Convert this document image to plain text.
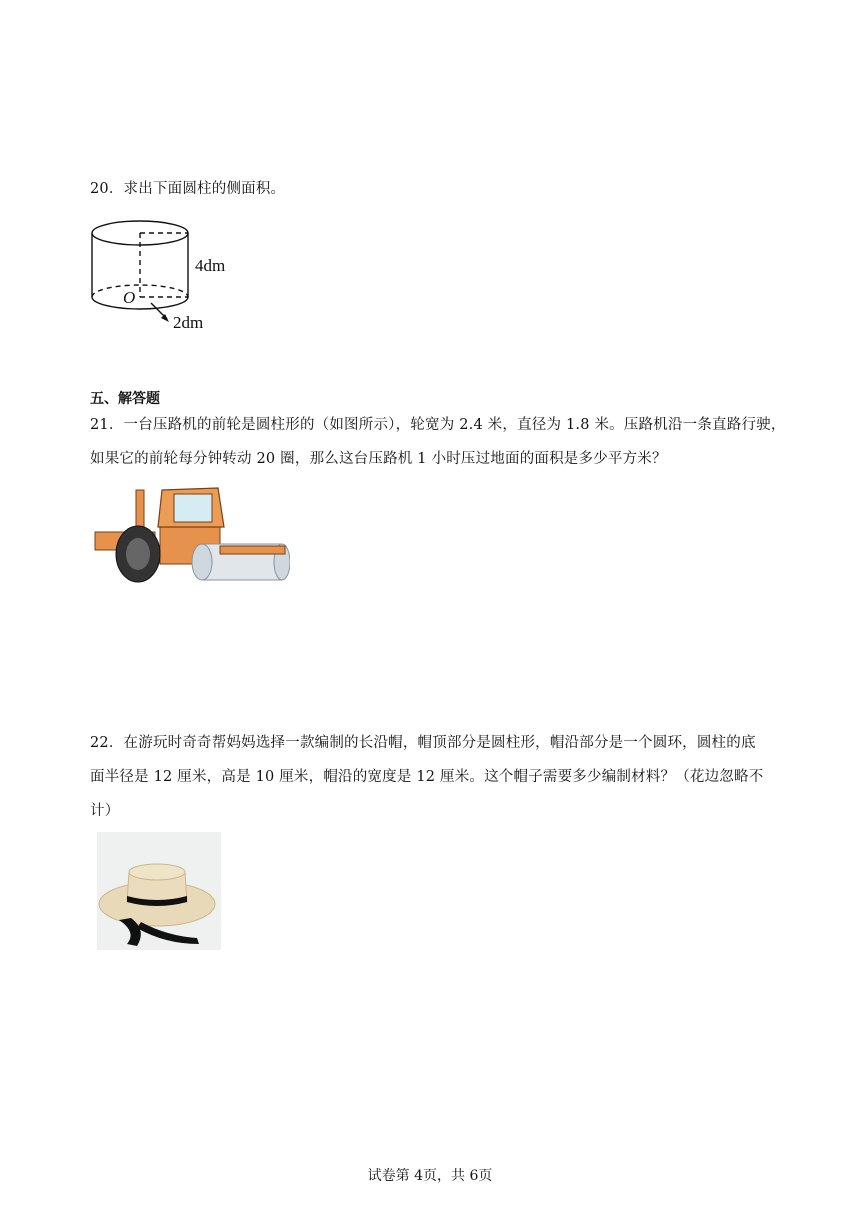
20．求出下面圆柱的侧面积。
O
4dm
2dm
五、解答题
21．一台压路机的前轮是圆柱形的（如图所示），轮宽为 2.4 米，直径为 1.8 米。压路机沿一条直路行驶，
如果它的前轮每分钟转动 20 圈，那么这台压路机 1 小时压过地面的面积是多少平方米？
22．在游玩时奇奇帮妈妈选择一款编制的长沿帽，帽顶部分是圆柱形，帽沿部分是一个圆环，圆柱的底
面半径是 12 厘米，高是 10 厘米，帽沿的宽度是 12 厘米。这个帽子需要多少编制材料？（花边忽略不
计）
试卷第 4页，共 6页
